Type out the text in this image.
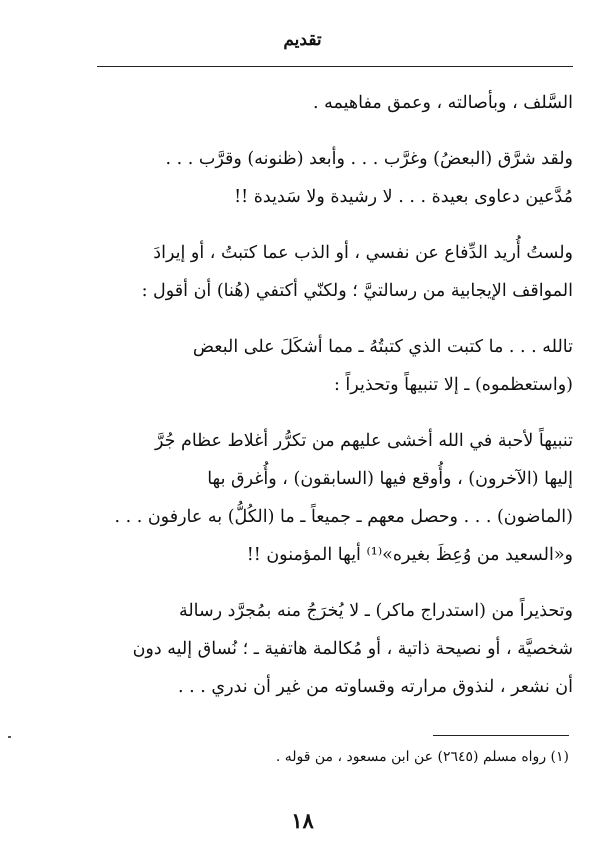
تقديم

السَّلف ، وبأصالته ، وعمق مفاهيمه .

ولقد شرَّق (البعضُ) وغرَّب . . . وأبعد (ظنونه) وقرَّب . . .
مُدَّعين دعاوى بعيدة . . . لا رشيدة ولا سَديدة !!

ولستُ أُريد الدِّفاع عن نفسي ، أو الذب عما كتبتُ ، أو إيرادَ
المواقف الإيجابية من رسالتيَّ ؛ ولكنّي أكتفي (هُنا) أن أقول :

تالله . . . ما كتبت الذي كتبتُهُ ـ مما أشكَلَ على البعض
(واستعظموه) ـ إلا تنبيهاً وتحذيراً :

تنبيهاً لأحبة في الله أخشى عليهم من تكرُّر أغلاط عظام جُرَّ
إليها (الآخرون) ، وأُوقع فيها (السابقون) ، وأُغرق بها
(الماضون) . . . وحصل معهم ـ جميعاً ـ ما (الكُلُّ) به عارفون . . .
و«السعيد من وُعِظَ بغيره»⁽¹⁾ أيها المؤمنون !!

وتحذيراً من (استدراج ماكر) ـ لا يُخرَجُ منه بمُجرَّد رسالة
شخصيَّة ، أو نصيحة ذاتية ، أو مُكالمة هاتفية ـ ؛ نُساق إليه دون
أن نشعر ، لنذوق مرارته وقساوته من غير أن ندري . . .

(١) رواه مسلم (٢٦٤٥) عن ابن مسعود ، من قوله .
١٨
